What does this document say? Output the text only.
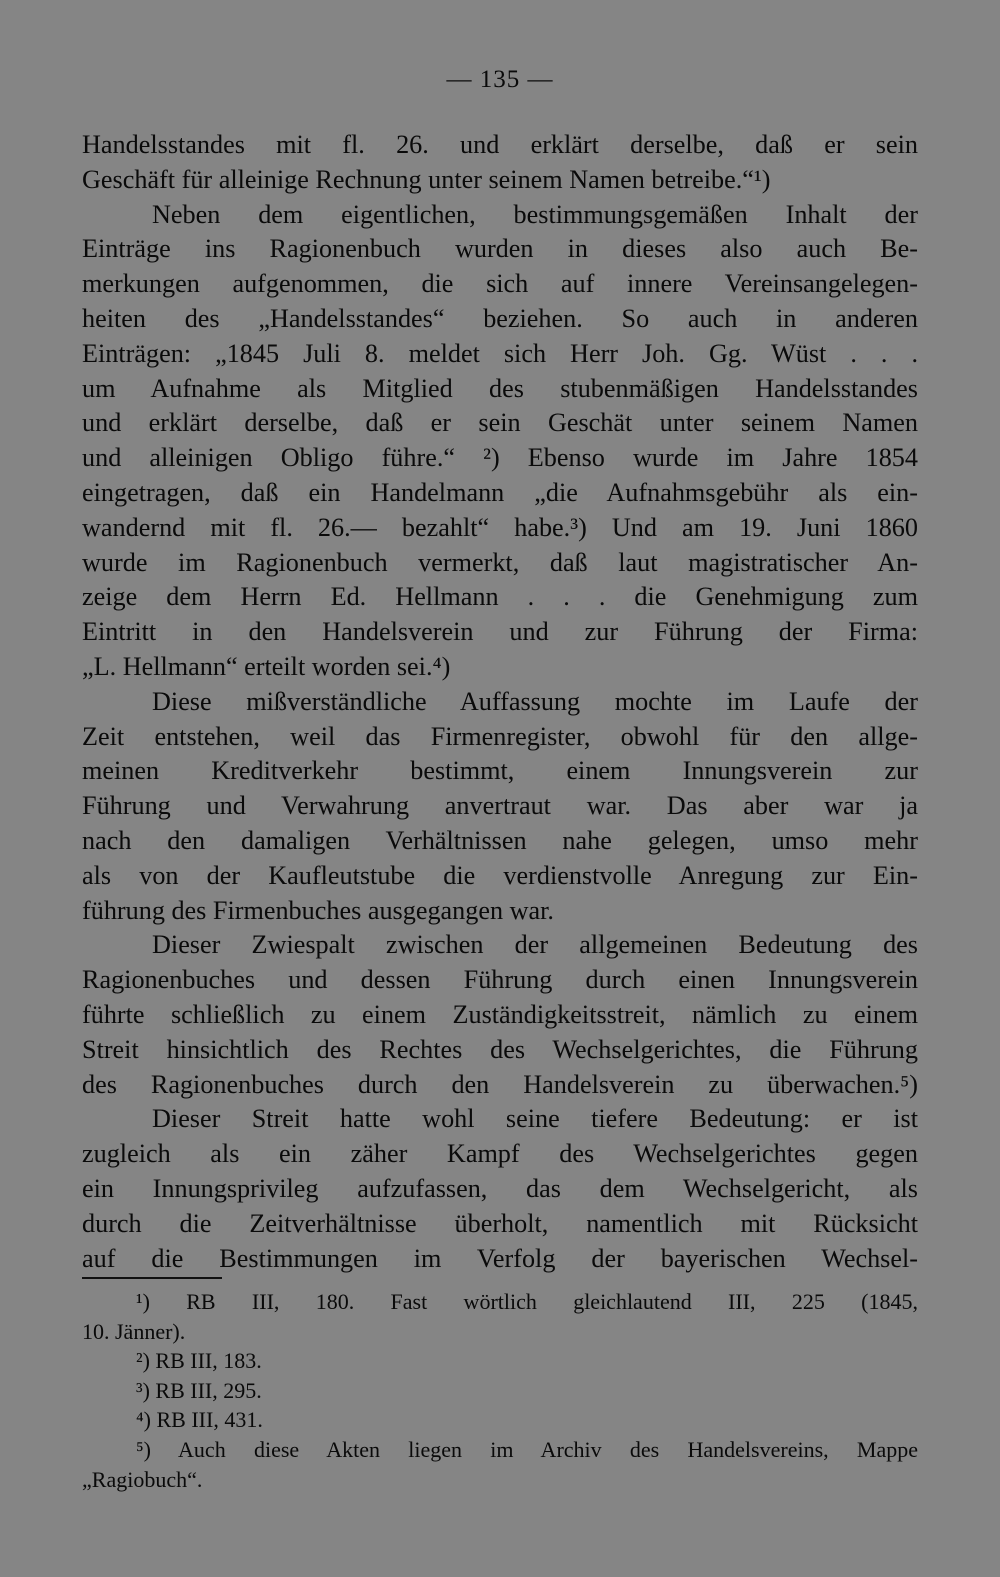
— 135 —
Handelsstandes mit fl. 26. und erklärt derselbe, daß er sein
Geschäft für alleinige Rechnung unter seinem Namen betreibe.“¹)
Neben dem eigentlichen, bestimmungsgemäßen Inhalt der
Einträge ins Ragionenbuch wurden in dieses also auch Be-
merkungen aufgenommen, die sich auf innere Vereinsangelegen-
heiten des „Handelsstandes“ beziehen. So auch in anderen
Einträgen: „1845 Juli 8. meldet sich Herr Joh. Gg. Wüst . . .
um Aufnahme als Mitglied des stubenmäßigen Handelsstandes
und erklärt derselbe, daß er sein Geschät unter seinem Namen
und alleinigen Obligo führe.“ ²) Ebenso wurde im Jahre 1854
eingetragen, daß ein Handelmann „die Aufnahmsgebühr als ein-
wandernd mit fl. 26.— bezahlt“ habe.³) Und am 19. Juni 1860
wurde im Ragionenbuch vermerkt, daß laut magistratischer An-
zeige dem Herrn Ed. Hellmann . . . die Genehmigung zum
Eintritt in den Handelsverein und zur Führung der Firma:
„L. Hellmann“ erteilt worden sei.⁴)
Diese mißverständliche Auffassung mochte im Laufe der
Zeit entstehen, weil das Firmenregister, obwohl für den allge-
meinen Kreditverkehr bestimmt, einem Innungsverein zur
Führung und Verwahrung anvertraut war. Das aber war ja
nach den damaligen Verhältnissen nahe gelegen, umso mehr
als von der Kaufleutstube die verdienstvolle Anregung zur Ein-
führung des Firmenbuches ausgegangen war.
Dieser Zwiespalt zwischen der allgemeinen Bedeutung des
Ragionenbuches und dessen Führung durch einen Innungsverein
führte schließlich zu einem Zuständigkeitsstreit, nämlich zu einem
Streit hinsichtlich des Rechtes des Wechselgerichtes, die Führung
des Ragionenbuches durch den Handelsverein zu überwachen.⁵)
Dieser Streit hatte wohl seine tiefere Bedeutung: er ist
zugleich als ein zäher Kampf des Wechselgerichtes gegen
ein Innungsprivileg aufzufassen, das dem Wechselgericht, als
durch die Zeitverhältnisse überholt, namentlich mit Rücksicht
auf die Bestimmungen im Verfolg der bayerischen Wechsel-
¹) RB III, 180. Fast wörtlich gleichlautend III, 225 (1845,
10. Jänner).
²) RB III, 183.
³) RB III, 295.
⁴) RB III, 431.
⁵) Auch diese Akten liegen im Archiv des Handelsvereins, Mappe
„Ragiobuch“.
